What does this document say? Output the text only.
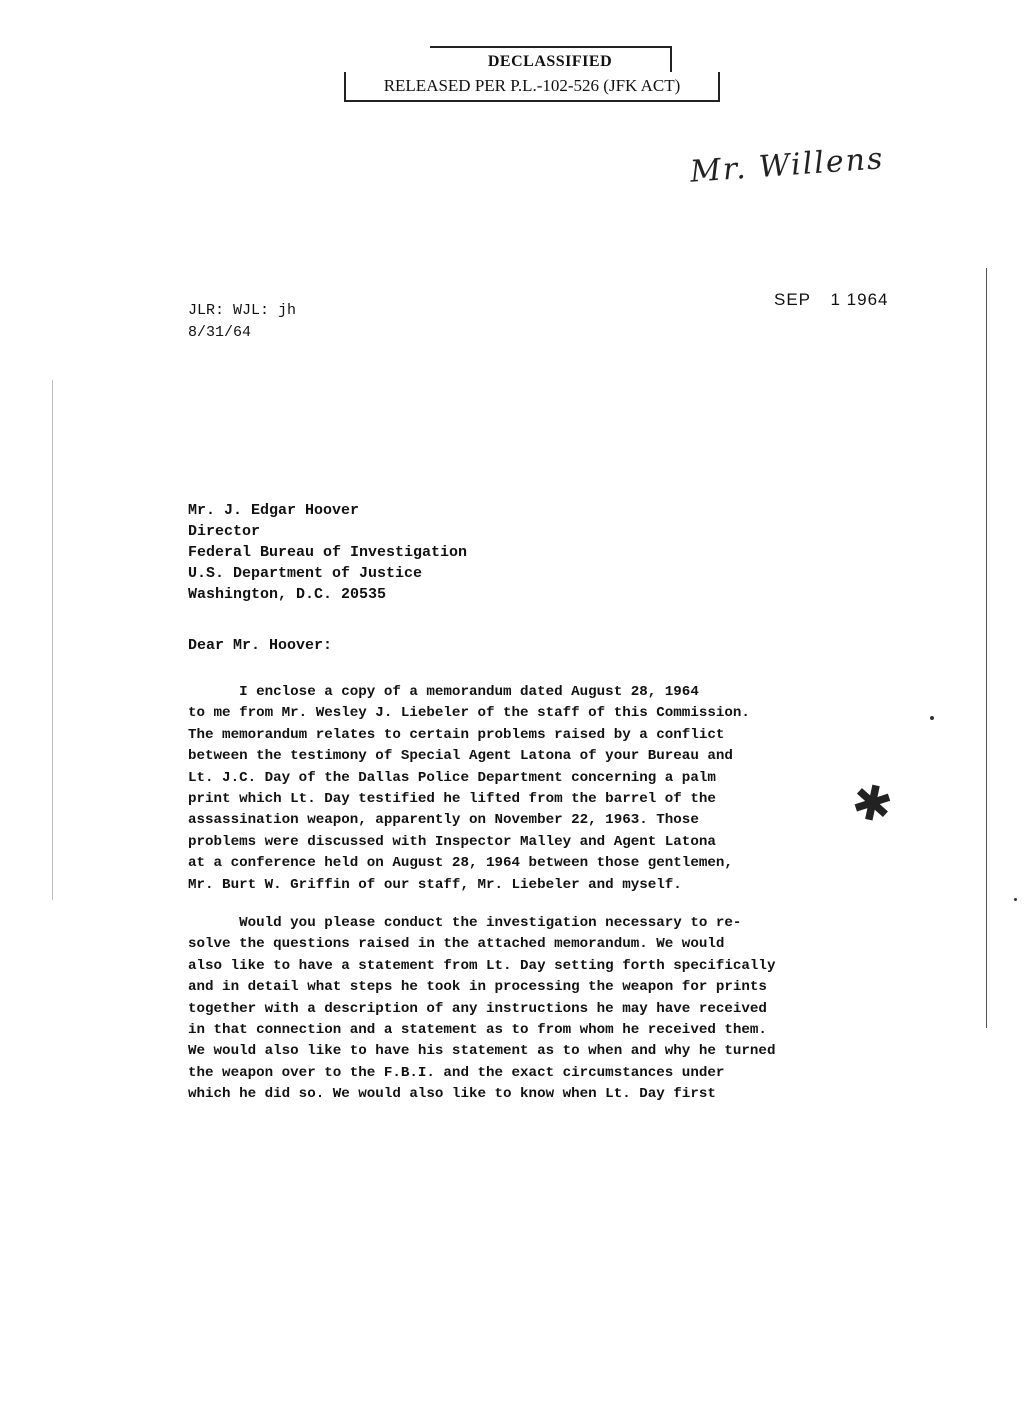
DECLASSIFIED
RELEASED PER P.L.-102-526 (JFK ACT)
Mr. Willens
JLR: WJL: jh
8/31/64
SEP 1 1964
Mr. J. Edgar Hoover
Director
Federal Bureau of Investigation
U.S. Department of Justice
Washington, D.C. 20535
Dear Mr. Hoover:
I enclose a copy of a memorandum dated August 28, 1964
to me from Mr. Wesley J. Liebeler of the staff of this Commission.
The memorandum relates to certain problems raised by a conflict
between the testimony of Special Agent Latona of your Bureau and
Lt. J.C. Day of the Dallas Police Department concerning a palm
print which Lt. Day testified he lifted from the barrel of the
assassination weapon, apparently on November 22, 1963. Those
problems were discussed with Inspector Malley and Agent Latona
at a conference held on August 28, 1964 between those gentlemen,
Mr. Burt W. Griffin of our staff, Mr. Liebeler and myself.
✱
Would you please conduct the investigation necessary to re-
solve the questions raised in the attached memorandum. We would
also like to have a statement from Lt. Day setting forth specifically
and in detail what steps he took in processing the weapon for prints
together with a description of any instructions he may have received
in that connection and a statement as to from whom he received them.
We would also like to have his statement as to when and why he turned
the weapon over to the F.B.I. and the exact circumstances under
which he did so. We would also like to know when Lt. Day first
